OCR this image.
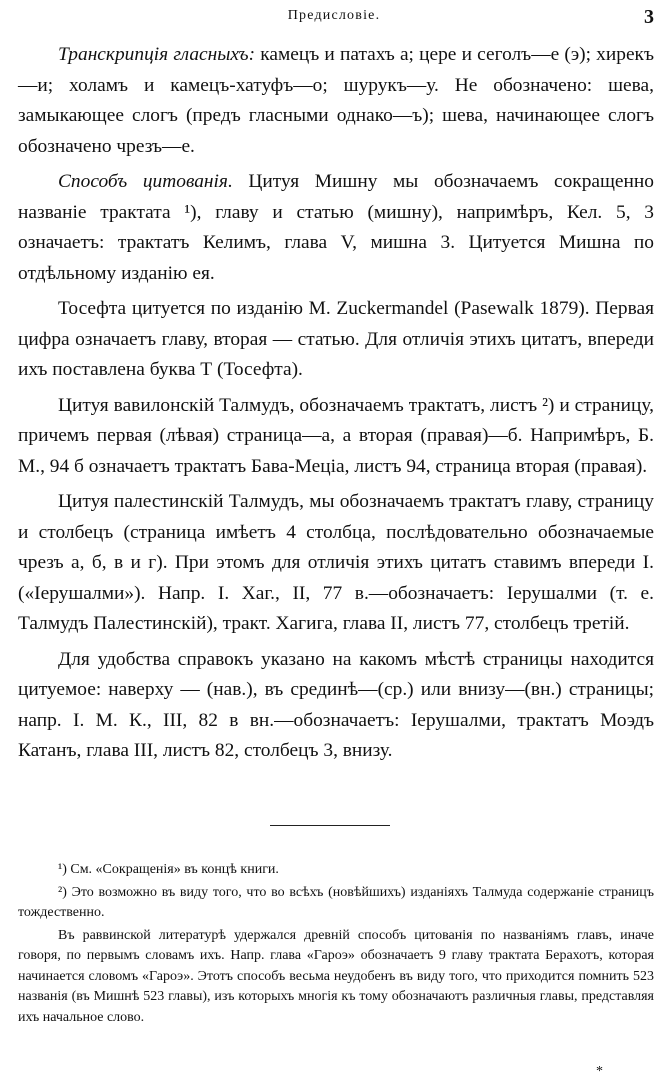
Предисловіе.	3

Транскрипція гласныхъ: камецъ и патахъ а; цере и сеголъ—е (э); хирекъ—и; холамъ и камецъ-хатуфъ—о; шурукъ—у. Не обозначено: шева, замыкающее слогъ (предъ гласными однако—ъ); шева, начинающее слогъ обозначено чрезъ—е.

Способъ цитованія. Цитуя Мишну мы обозначаемъ сокращенно названіе трактата ¹), главу и статью (мишну), напримѣръ, Кел. 5, 3 означаетъ: трактатъ Келимъ, глава V, мишна 3. Цитуется Мишна по отдѣльному изданію ея.

Тосефта цитуется по изданію М. Zuckermandel (Pasewalk 1879). Первая цифра означаетъ главу, вторая — статью. Для отличія этихъ цитатъ, впереди ихъ поставлена буква Т (Тосефта).

Цитуя вавилонскій Талмудъ, обозначаемъ трактатъ, листъ ²) и страницу, причемъ первая (лѣвая) страница—а, а вторая (правая)—б. Напримѣръ, Б. М., 94 б означаетъ трактатъ Бава-Меціа, листъ 94, страница вторая (правая).

Цитуя палестинскій Талмудъ, мы обозначаемъ трактатъ главу, страницу и столбецъ (страница имѣетъ 4 столбца, послѣдовательно обозначаемые чрезъ а, б, в и г). При этомъ для отличія этихъ цитатъ ставимъ впереди І. («Іерушалми»). Напр. І. Хаг., II, 77 в.—обозначаетъ: Іерушалми (т. е. Талмудъ Палестинскій), тракт. Хагига, глава II, листъ 77, столбецъ третій.

Для удобства справокъ указано на какомъ мѣстѣ страницы находится цитуемое: наверху — (нав.), въ срединѣ—(ср.) или внизу—(вн.) страницы; напр. І. М. К., III, 82 в вн.—обозначаетъ: Іерушалми, трактатъ Моэдъ Катанъ, глава III, листъ 82, столбецъ 3, внизу.

¹) См. «Сокращенія» въ концѣ книги.

²) Это возможно въ виду того, что во всѣхъ (новѣйшихъ) изданіяхъ Талмуда содержаніе страницъ тождественно.

Въ раввинской литературѣ удержался древній способъ цитованія по названіямъ главъ, иначе говоря, по первымъ словамъ ихъ. Напр. глава «Гароэ» обозначаетъ 9 главу трактата Берахотъ, которая начинается словомъ «Гароэ». Этотъ способъ весьма неудобенъ въ виду того, что приходится помнить 523 названія (въ Мишнѣ 523 главы), изъ которыхъ многія къ тому обозначаютъ различныя главы, представляя ихъ начальное слово.

*
